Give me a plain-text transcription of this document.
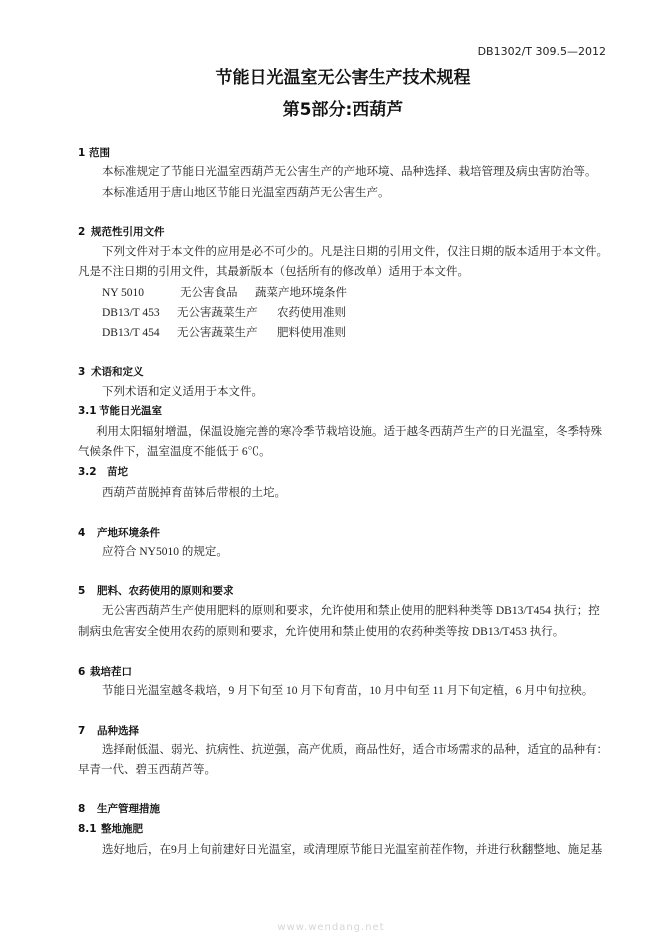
DB1302/T 309.5—2012
节能日光温室无公害生产技术规程
第5部分:西葫芦
1 范围
本标准规定了节能日光温室西葫芦无公害生产的产地环境、品种选择、栽培管理及病虫害防治等。
本标准适用于唐山地区节能日光温室西葫芦无公害生产。
2 规范性引用文件
下列文件对于本文件的应用是必不可少的。凡是注日期的引用文件，仅注日期的版本适用于本文件。
凡是不注日期的引用文件，其最新版本（包括所有的修改单）适用于本文件。
NY 5010	无公害食品 蔬菜产地环境条件
DB13/T 453 无公害蔬菜生产 农药使用准则
DB13/T 454 无公害蔬菜生产 肥料使用准则
3 术语和定义
下列术语和定义适用于本文件。
3.1 节能日光温室
利用太阳辐射增温，保温设施完善的寒冷季节栽培设施。适于越冬西葫芦生产的日光温室，冬季特殊
气候条件下，温室温度不能低于 6℃。
3.2 苗坨
西葫芦苗脱掉育苗钵后带根的土坨。
4 产地环境条件
应符合 NY5010 的规定。
5 肥料、农药使用的原则和要求
无公害西葫芦生产使用肥料的原则和要求，允许使用和禁止使用的肥料种类等 DB13/T454 执行；控
制病虫危害安全使用农药的原则和要求，允许使用和禁止使用的农药种类等按 DB13/T453 执行。
6 栽培茬口
节能日光温室越冬栽培，9 月下旬至 10 月下旬育苗，10 月中旬至 11 月下旬定植，6 月中旬拉秧。
7 品种选择
选择耐低温、弱光、抗病性、抗逆强，高产优质，商品性好，适合市场需求的品种，适宜的品种有：
早青一代、碧玉西葫芦等。
8 生产管理措施
8.1 整地施肥
选好地后，在9月上旬前建好日光温室，或清理原节能日光温室前茬作物，并进行秋翻整地、施足基
www.wendang.net
